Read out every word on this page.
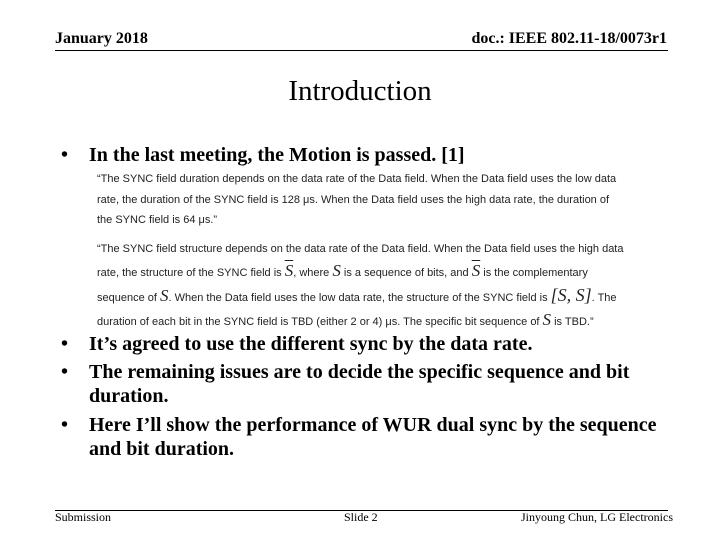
January 2018	doc.: IEEE 802.11-18/0073r1
Introduction
• In the last meeting, the Motion is passed. [1]
“The SYNC field duration depends on the data rate of the Data field. When the Data field uses the low data
rate, the duration of the SYNC field is 128 μs. When the Data field uses the high data rate, the duration of
the SYNC field is 64 μs.”
“The SYNC field structure depends on the data rate of the Data field. When the Data field uses the high data
rate, the structure of the SYNC field is $\overline{S}$, where S is a sequence of bits, and $\overline{S}$ is the complementary
sequence of S. When the Data field uses the low data rate, the structure of the SYNC field is [S, S]. The
duration of each bit in the SYNC field is TBD (either 2 or 4) μs. The specific bit sequence of S is TBD.”
• It’s agreed to use the different sync by the data rate.
• The remaining issues are to decide the specific sequence and bit duration.
• Here I’ll show the performance of WUR dual sync by the sequence and bit duration.
Submission	Slide 2	Jinyoung Chun, LG Electronics
